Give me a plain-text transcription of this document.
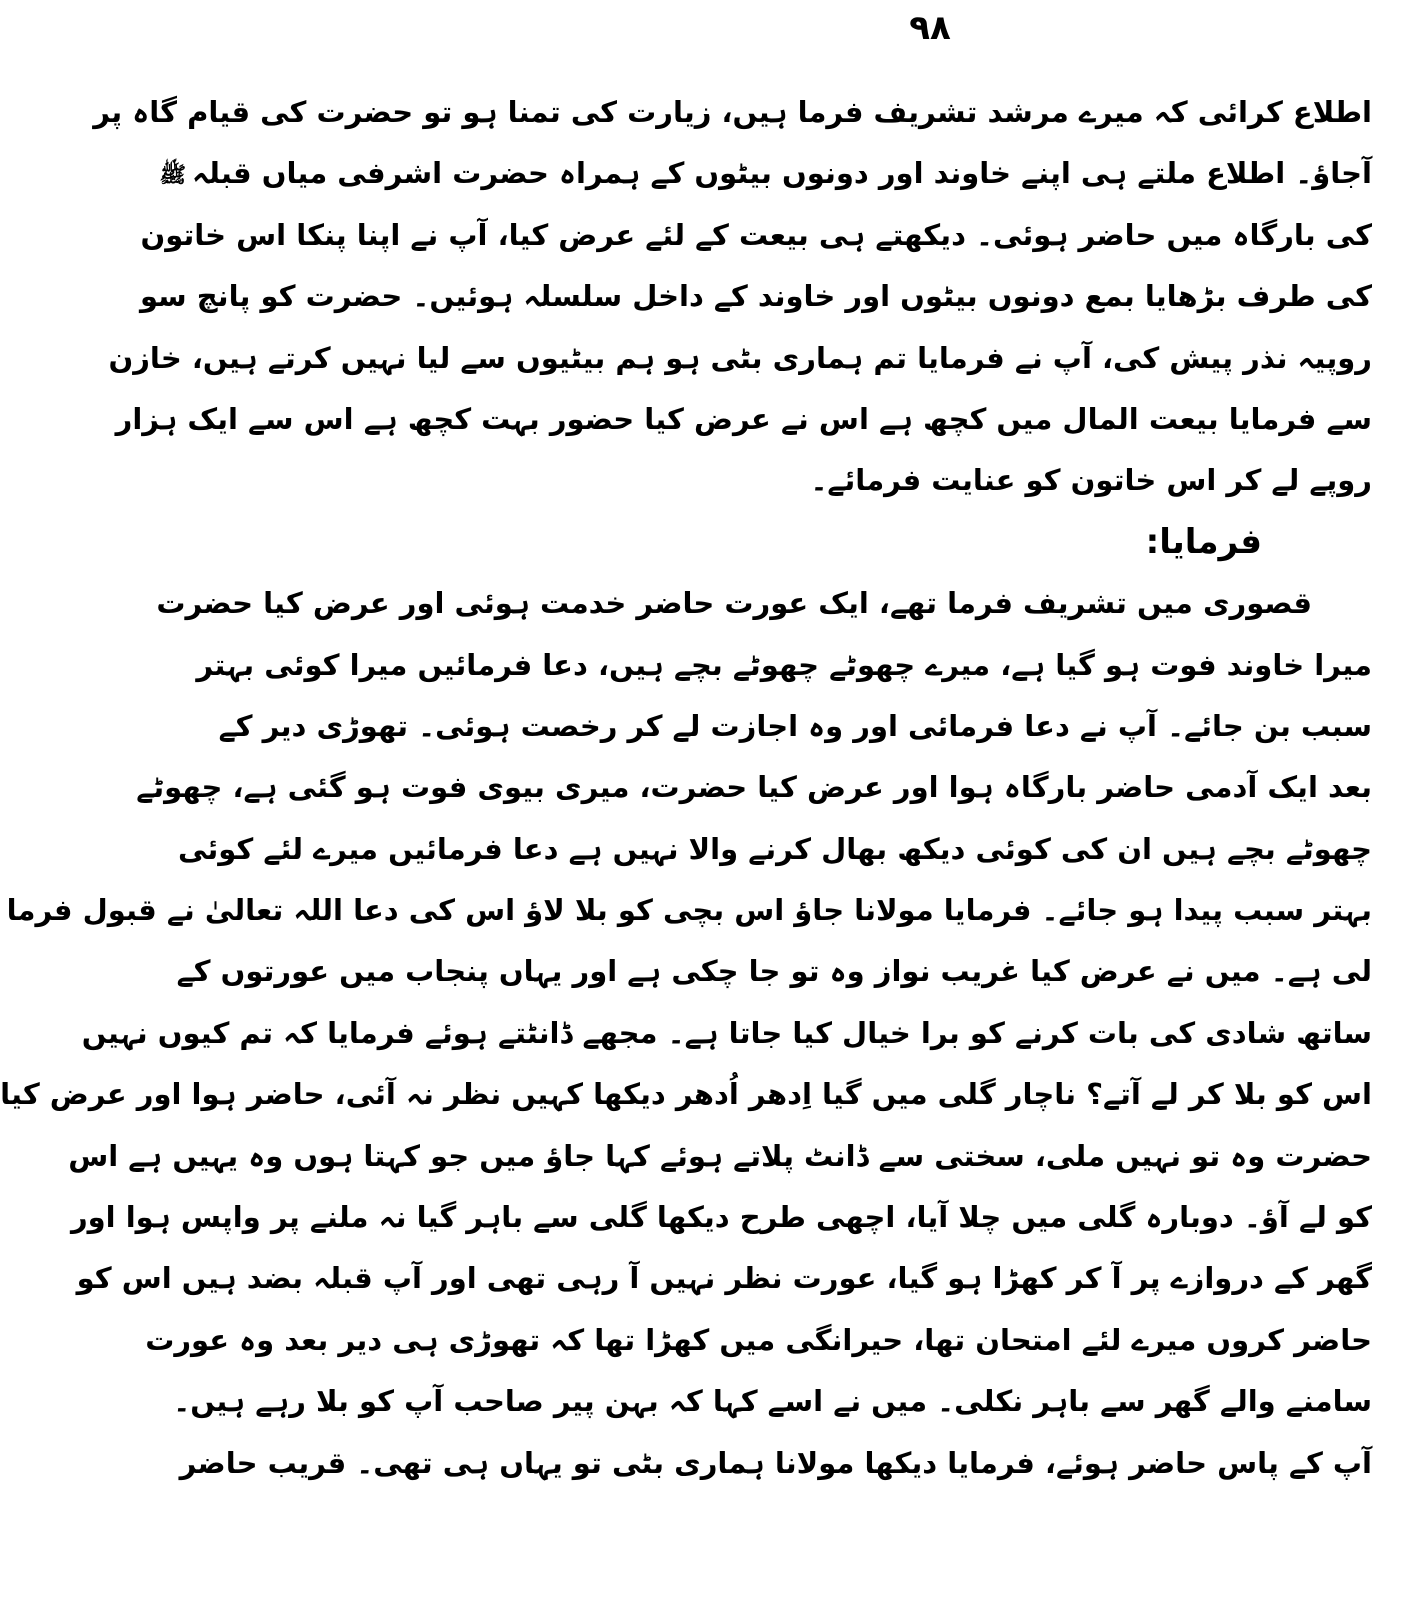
۹۸
اطلاع کرائی کہ میرے مرشد تشریف فرما ہیں، زیارت کی تمنا ہو تو حضرت کی قیام گاہ پر
آجاؤ۔ اطلاع ملتے ہی اپنے خاوند اور دونوں بیٹوں کے ہمراہ حضرت اشرفی میاں قبلہﷺ
کی بارگاہ میں حاضر ہوئی۔ دیکھتے ہی بیعت کے لئے عرض کیا، آپ نے اپنا پنکا اس خاتون
کی طرف بڑھایا بمع دونوں بیٹوں اور خاوند کے داخل سلسلہ ہوئیں۔ حضرت کو پانچ سو
روپیہ نذر پیش کی، آپ نے فرمایا تم ہماری بٹی ہو ہم بیٹیوں سے لیا نہیں کرتے ہیں، خازن
سے فرمایا بیعت المال میں کچھ ہے اس نے عرض کیا حضور بہت کچھ ہے اس سے ایک ہزار
روپے لے کر اس خاتون کو عنایت فرمائے۔
فرمایا:
قصوری میں تشریف فرما تھے، ایک عورت حاضر خدمت ہوئی اور عرض کیا حضرت
میرا خاوند فوت ہو گیا ہے، میرے چھوٹے چھوٹے بچے ہیں، دعا فرمائیں میرا کوئی بہتر
سبب بن جائے۔ آپ نے دعا فرمائی اور وہ اجازت لے کر رخصت ہوئی۔ تھوڑی دیر کے
بعد ایک آدمی حاضر بارگاہ ہوا اور عرض کیا حضرت، میری بیوی فوت ہو گئی ہے، چھوٹے
چھوٹے بچے ہیں ان کی کوئی دیکھ بھال کرنے والا نہیں ہے دعا فرمائیں میرے لئے کوئی
بہتر سبب پیدا ہو جائے۔ فرمایا مولانا جاؤ اس بچی کو بلا لاؤ اس کی دعا اللہ تعالیٰ نے قبول فرما
لی ہے۔ میں نے عرض کیا غریب نواز وہ تو جا چکی ہے اور یہاں پنجاب میں عورتوں کے
ساتھ شادی کی بات کرنے کو برا خیال کیا جاتا ہے۔ مجھے ڈانٹتے ہوئے فرمایا کہ تم کیوں نہیں
اس کو بلا کر لے آتے؟ ناچار گلی میں گیا اِدھر اُدھر دیکھا کہیں نظر نہ آئی، حاضر ہوا اور عرض کیا
حضرت وہ تو نہیں ملی، سختی سے ڈانٹ پلاتے ہوئے کہا جاؤ میں جو کہتا ہوں وہ یہیں ہے اس
کو لے آؤ۔ دوبارہ گلی میں چلا آیا، اچھی طرح دیکھا گلی سے باہر گیا نہ ملنے پر واپس ہوا اور
گھر کے دروازے پر آ کر کھڑا ہو گیا، عورت نظر نہیں آ رہی تھی اور آپ قبلہ بضد ہیں اس کو
حاضر کروں میرے لئے امتحان تھا، حیرانگی میں کھڑا تھا کہ تھوڑی ہی دیر بعد وہ عورت
سامنے والے گھر سے باہر نکلی۔ میں نے اسے کہا کہ بہن پیر صاحب آپ کو بلا رہے ہیں۔
آپ کے پاس حاضر ہوئے، فرمایا دیکھا مولانا ہماری بٹی تو یہاں ہی تھی۔ قریب حاضر
